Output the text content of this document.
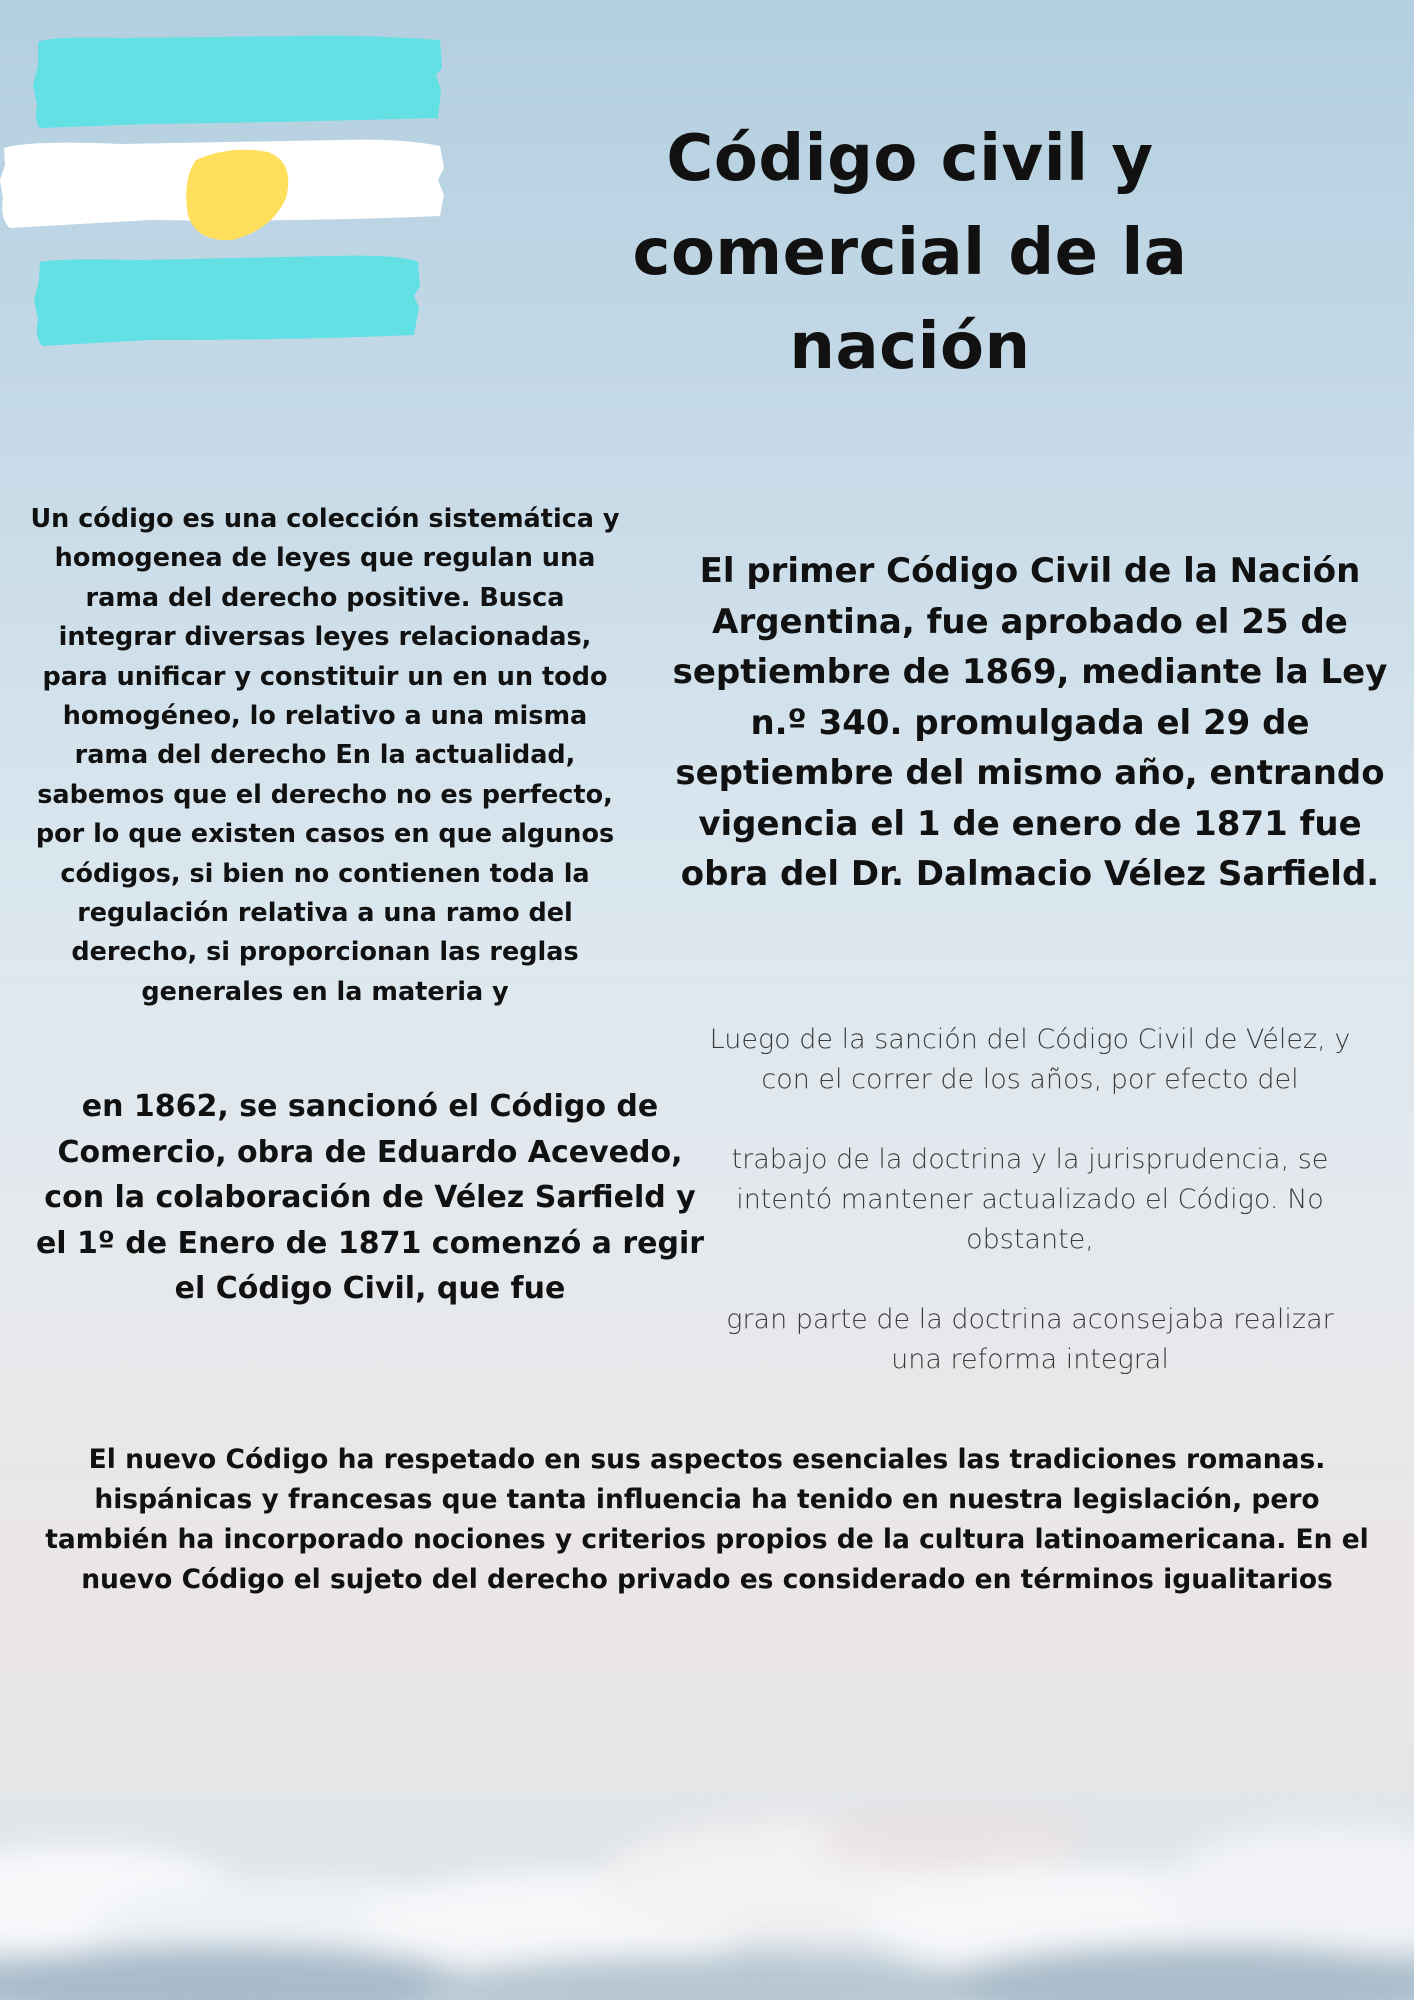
Código civil y comercial de la nación

Un código es una colección sistemática y homogenea de leyes que regulan una rama del derecho positive. Busca integrar diversas leyes relacionadas, para unificar y constituir un en un todo homogéneo, lo relativo a una misma rama del derecho En la actualidad, sabemos que el derecho no es perfecto, por lo que existen casos en que algunos códigos, si bien no contienen toda la regulación relativa a una ramo del derecho, si proporcionan las reglas generales en la materia y

El primer Código Civil de la Nación Argentina, fue aprobado el 25 de septiembre de 1869, mediante la Ley n.º 340. promulgada el 29 de septiembre del mismo año, entrando vigencia el 1 de enero de 1871 fue obra del Dr. Dalmacio Vélez Sarfield.

en 1862, se sancionó el Código de Comercio, obra de Eduardo Acevedo, con la colaboración de Vélez Sarfield y el 1º de Enero de 1871 comenzó a regir el Código Civil, que fue

Luego de la sanción del Código Civil de Vélez, y con el correr de los años, por efecto del
trabajo de la doctrina y la jurisprudencia, se intentó mantener actualizado el Código. No obstante,
gran parte de la doctrina aconsejaba realizar una reforma integral

El nuevo Código ha respetado en sus aspectos esenciales las tradiciones romanas. hispánicas y francesas que tanta influencia ha tenido en nuestra legislación, pero también ha incorporado nociones y criterios propios de la cultura latinoamericana. En el nuevo Código el sujeto del derecho privado es considerado en términos igualitarios
